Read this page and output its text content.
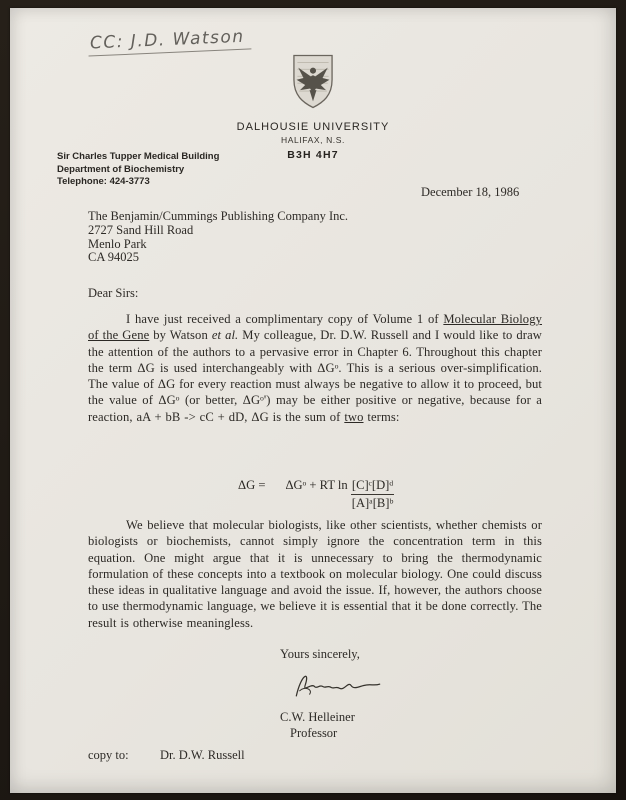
CC: J.D. Watson
DALHOUSIE UNIVERSITY
HALIFAX, N.S.
B3H 4H7
Sir Charles Tupper Medical Building
Department of Biochemistry
Telephone: 424-3773
December 18, 1986
The Benjamin/Cummings Publishing Company Inc.
2727 Sand Hill Road
Menlo Park
CA 94025
Dear Sirs:
I have just received a complimentary copy of Volume 1 of Molecular Biology of the Gene by Watson et al. My colleague, Dr. D.W. Russell and I would like to draw the attention of the authors to a pervasive error in Chapter 6. Throughout this chapter the term ΔG is used interchangeably with ΔGᵒ. This is a serious over-simplification. The value of ΔG for every reaction must always be negative to allow it to proceed, but the value of ΔGᵒ (or better, ΔGᵒ') may be either positive or negative, because for a reaction, aA + bB -> cC + dD, ΔG is the sum of two terms:
ΔG = ΔGᵒ + RT $\ln \frac{\text{[C]ᶜ[D]ᵈ}}{\text{[A]ᵃ[B]ᵇ}}$
We believe that molecular biologists, like other scientists, whether chemists or biologists or biochemists, cannot simply ignore the concentration term in this equation. One might argue that it is unnecessary to bring the thermodynamic formulation of these concepts into a textbook on molecular biology. One could discuss these ideas in qualitative language and avoid the issue. If, however, the authors choose to use thermodynamic language, we believe it is essential that it be done correctly. The result is otherwise meaningless.
Yours sincerely,
C.W. Helleiner
Professor
copy to:	Dr. D.W. Russell
